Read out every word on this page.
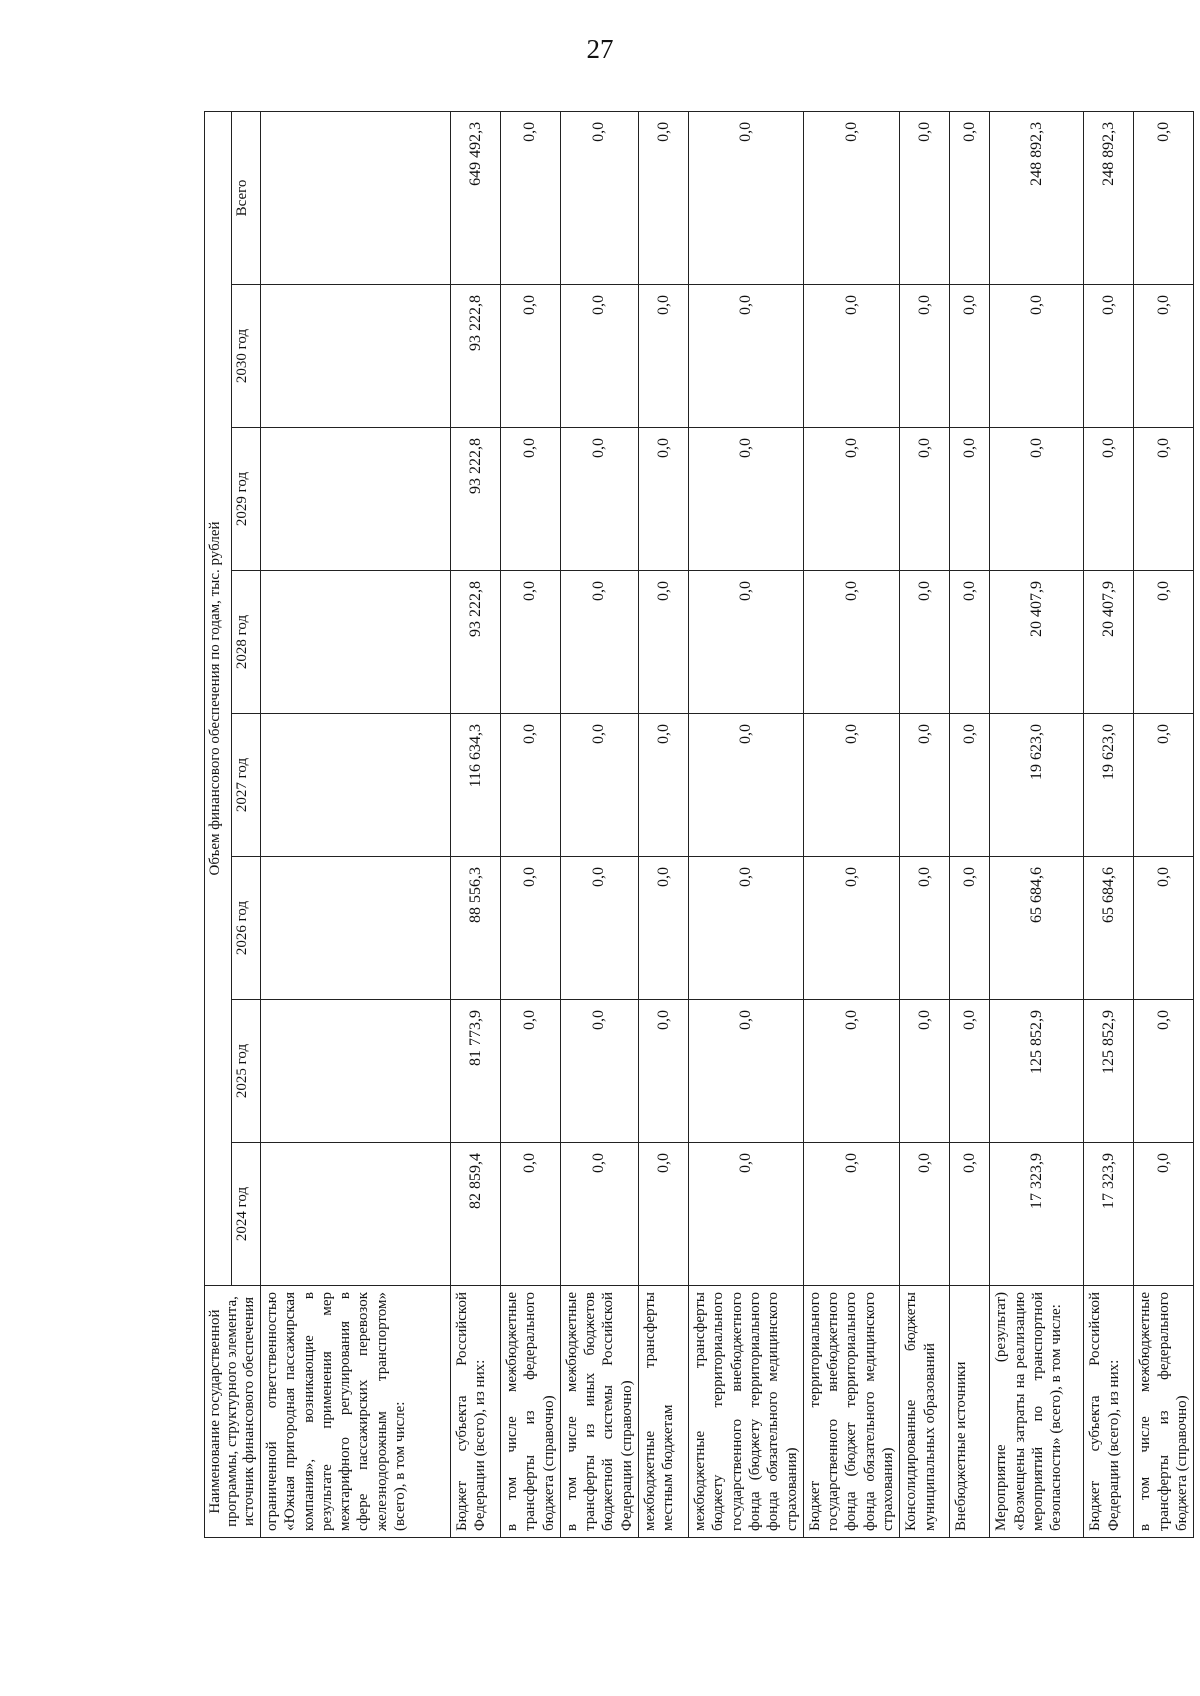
27
Наименование государственной программы, структурного элемента, источник финансового обеспечения	Объем финансового обеспечения по годам, тыс. рублей							
	2024 год	2025 год	2026 год	2027 год	2028 год	2029 год	2030 год	Всего
ограниченной ответственностью «Южная пригородная пассажирская компания», возникающие в результате применения мер межтарифного регулирования в сфере пассажирских перевозок железнодорожным транспортом» (всего), в том числе:								
Бюджет субъекта Российской Федерации (всего), из них:	82 859,4	81 773,9	88 556,3	116 634,3	93 222,8	93 222,8	93 222,8	649 492,3
в том числе межбюджетные трансферты из федерального бюджета (справочно)	0,0	0,0	0,0	0,0	0,0	0,0	0,0	0,0
в том числе межбюджетные трансферты из иных бюджетов бюджетной системы Российской Федерации (справочно)	0,0	0,0	0,0	0,0	0,0	0,0	0,0	0,0
межбюджетные трансферты местным бюджетам	0,0	0,0	0,0	0,0	0,0	0,0	0,0	0,0
межбюджетные трансферты бюджету территориального государственного внебюджетного фонда (бюджету территориального фонда обязательного медицинского страхования)	0,0	0,0	0,0	0,0	0,0	0,0	0,0	0,0
Бюджет территориального государственного внебюджетного фонда (бюджет территориального фонда обязательного медицинского страхования)	0,0	0,0	0,0	0,0	0,0	0,0	0,0	0,0
Консолидированные бюджеты муниципальных образований	0,0	0,0	0,0	0,0	0,0	0,0	0,0	0,0
Внебюджетные источники	0,0	0,0	0,0	0,0	0,0	0,0	0,0	0,0
Мероприятие (результат) «Возмещены затраты на реализацию мероприятий по транспортной безопасности» (всего), в том числе:	17 323,9	125 852,9	65 684,6	19 623,0	20 407,9	0,0	0,0	248 892,3
Бюджет субъекта Российской Федерации (всего), из них:	17 323,9	125 852,9	65 684,6	19 623,0	20 407,9	0,0	0,0	248 892,3
в том числе межбюджетные трансферты из федерального бюджета (справочно)	0,0	0,0	0,0	0,0	0,0	0,0	0,0	0,0
